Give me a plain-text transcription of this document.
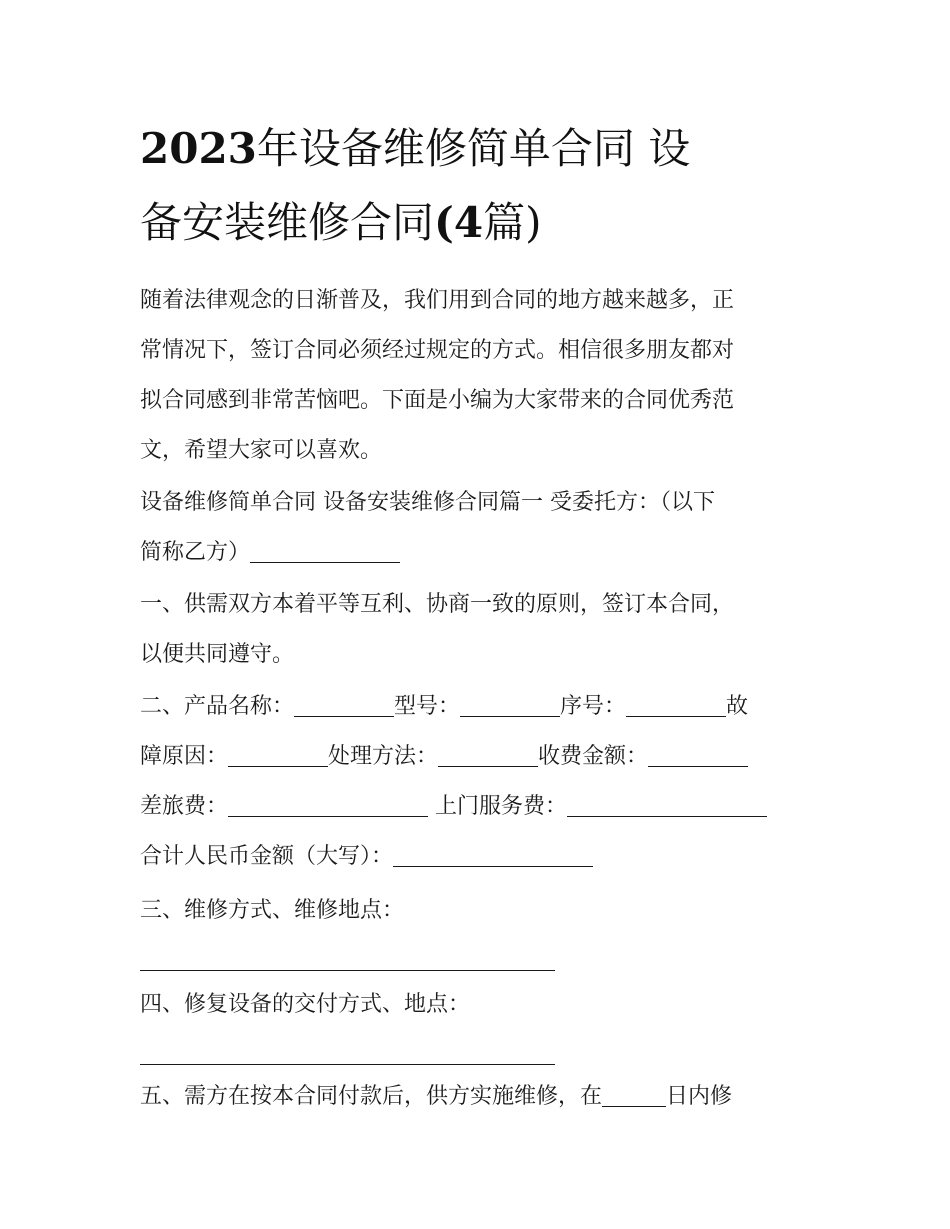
2023年设备维修简单合同 设
备安装维修合同(4篇)
随着法律观念的日渐普及，我们用到合同的地方越来越多，正
常情况下，签订合同必须经过规定的方式。相信很多朋友都对
拟合同感到非常苦恼吧。下面是小编为大家带来的合同优秀范
文，希望大家可以喜欢。
设备维修简单合同 设备安装维修合同篇一 受委托方：（以下
简称乙方）
一、供需双方本着平等互利、协商一致的原则，签订本合同，
以便共同遵守。
二、产品名称：	型号：	序号：	故
障原因：	处理方法：	收费金额：
差旅费：	上门服务费：
合计人民币金额（大写）：
三、维修方式、维修地点：
四、修复设备的交付方式、地点：
五、需方在按本合同付款后，供方实施维修，在	日内修
